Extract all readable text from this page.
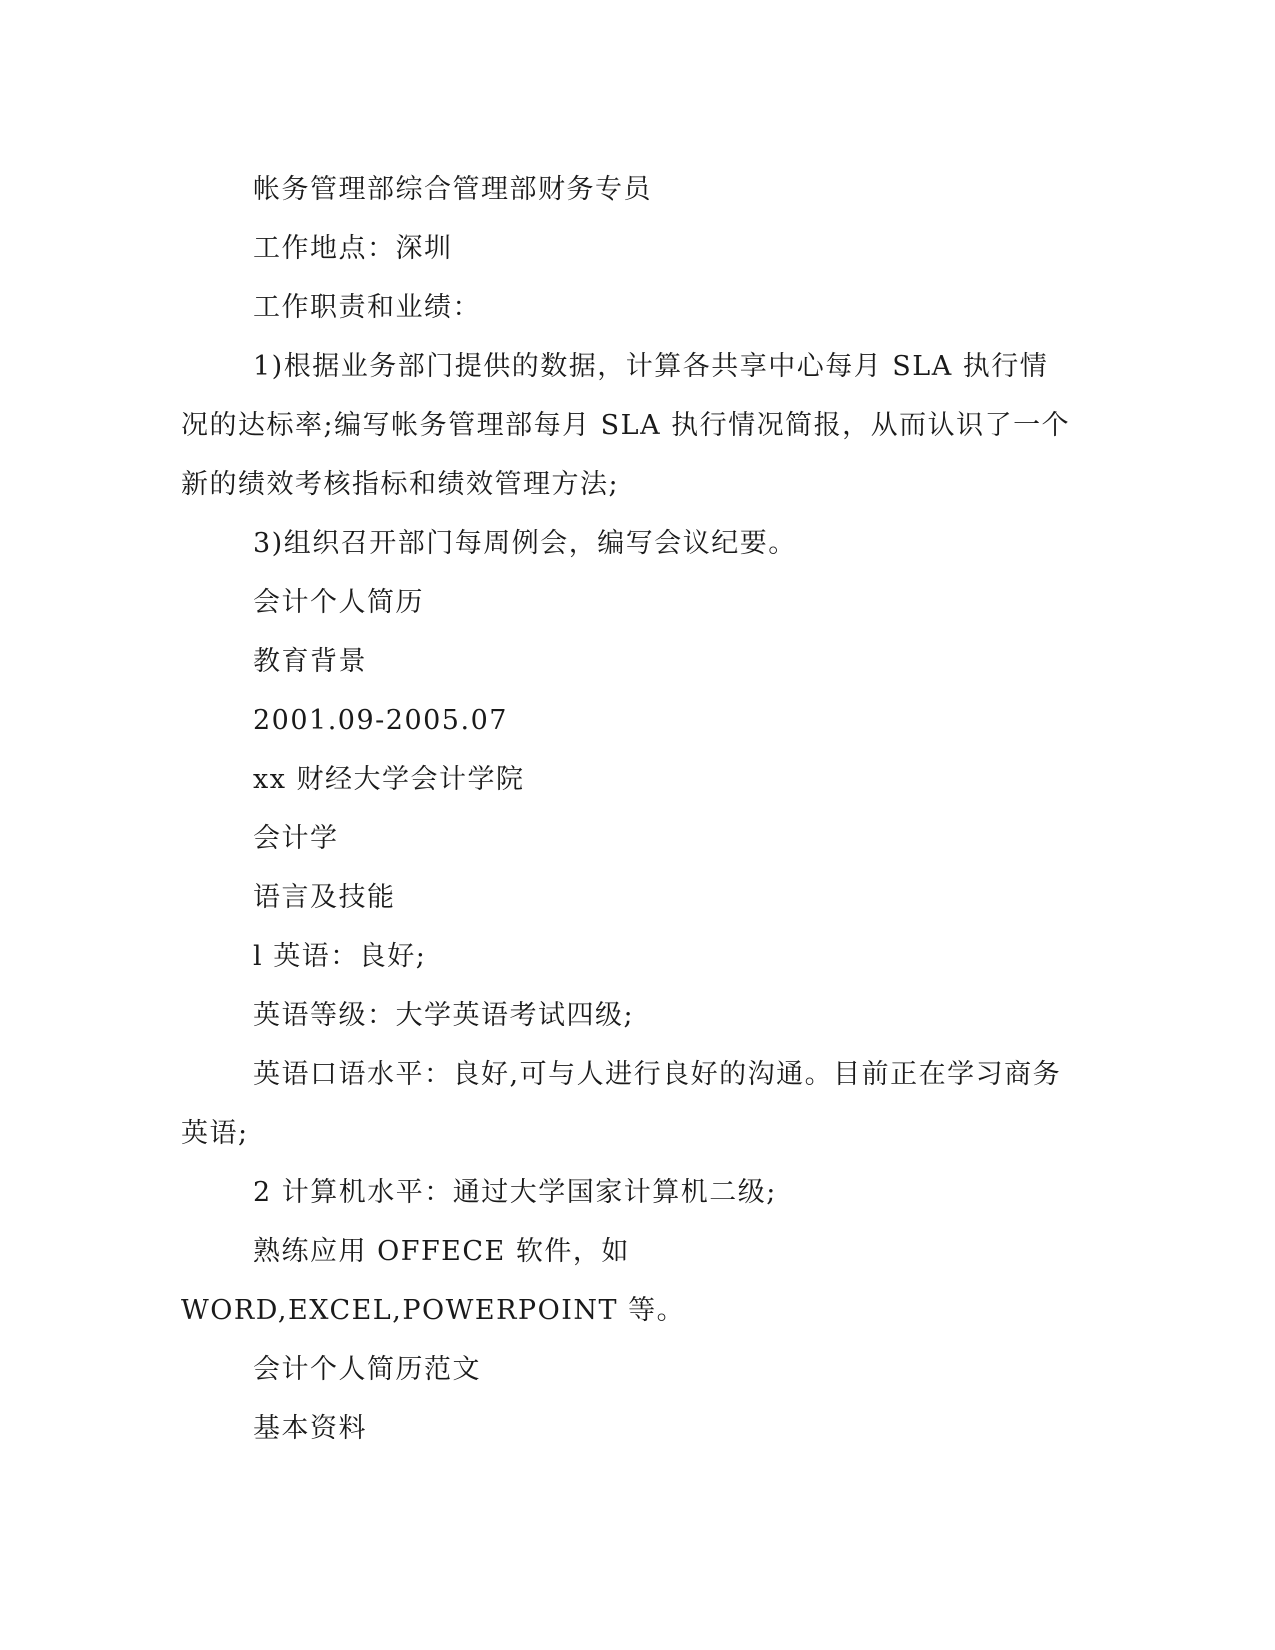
帐务管理部综合管理部财务专员

工作地点：深圳

工作职责和业绩：

1)根据业务部门提供的数据，计算各共享中心每月 SLA 执行情况的达标率;编写帐务管理部每月 SLA 执行情况简报，从而认识了一个新的绩效考核指标和绩效管理方法;

3)组织召开部门每周例会，编写会议纪要。

会计个人简历

教育背景

2001.09-2005.07

xx 财经大学会计学院

会计学

语言及技能

l 英语：良好;

英语等级：大学英语考试四级;

英语口语水平：良好,可与人进行良好的沟通。目前正在学习商务英语;

2 计算机水平：通过大学国家计算机二级;

熟练应用 OFFECE 软件，如 WORD,EXCEL,POWERPOINT 等。

会计个人简历范文

基本资料
